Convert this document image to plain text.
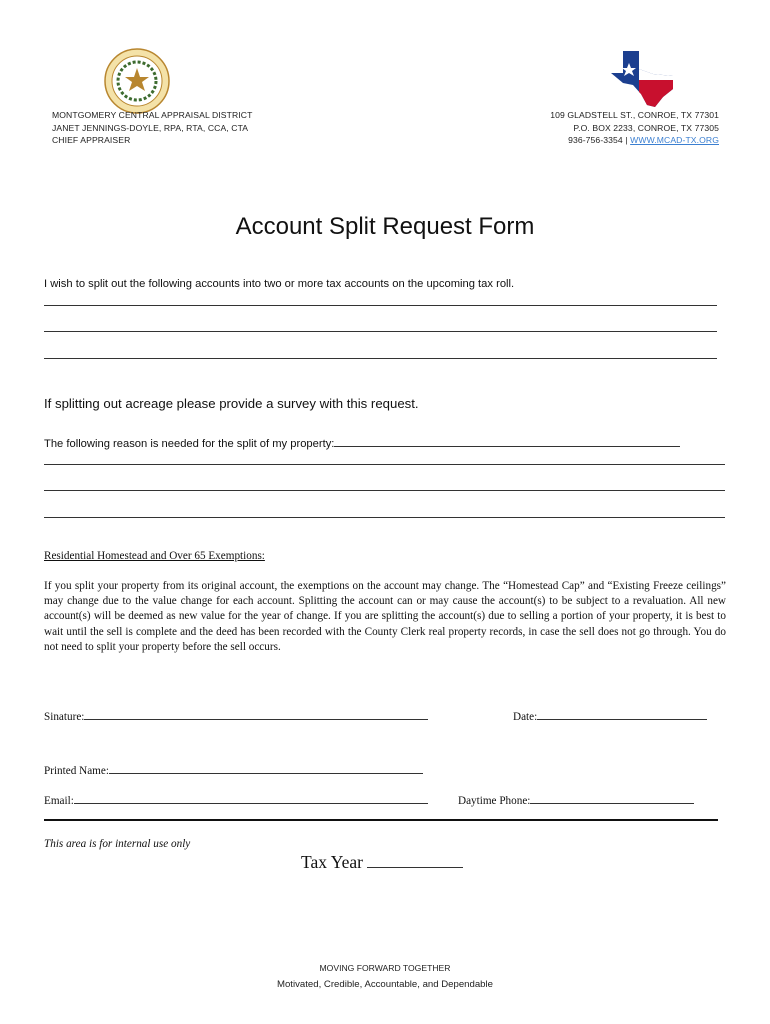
MONTGOMERY CENTRAL APPRAISAL DISTRICT
JANET JENNINGS-DOYLE, RPA, RTA, CCA, CTA
CHIEF APPRAISER
109 GLADSTELL ST., CONROE, TX 77301
P.O. BOX 2233, CONROE, TX 77305
936-756-3354 | WWW.MCAD-TX.ORG
Account Split Request Form
I wish to split out the following accounts into two or more tax accounts on the upcoming tax roll.
If splitting out acreage please provide a survey with this request.
The following reason is needed for the split of my property:
Residential Homestead and Over 65 Exemptions:
If you split your property from its original account, the exemptions on the account may change. The “Homestead Cap” and “Existing Freeze ceilings” may change due to the value change for each account. Splitting the account can or may cause the account(s) to be subject to a revaluation. All new account(s) will be deemed as new value for the year of change. If you are splitting the account(s) due to selling a portion of your property, it is best to wait until the sell is complete and the deed has been recorded with the County Clerk real property records, in case the sell does not go through. You do not need to split your property before the sell occurs.
Sinature:	Date:
Printed Name:
Email:	Daytime Phone:
This area is for internal use only
Tax Year
MOVING FORWARD TOGETHER
Motivated, Credible, Accountable, and Dependable
